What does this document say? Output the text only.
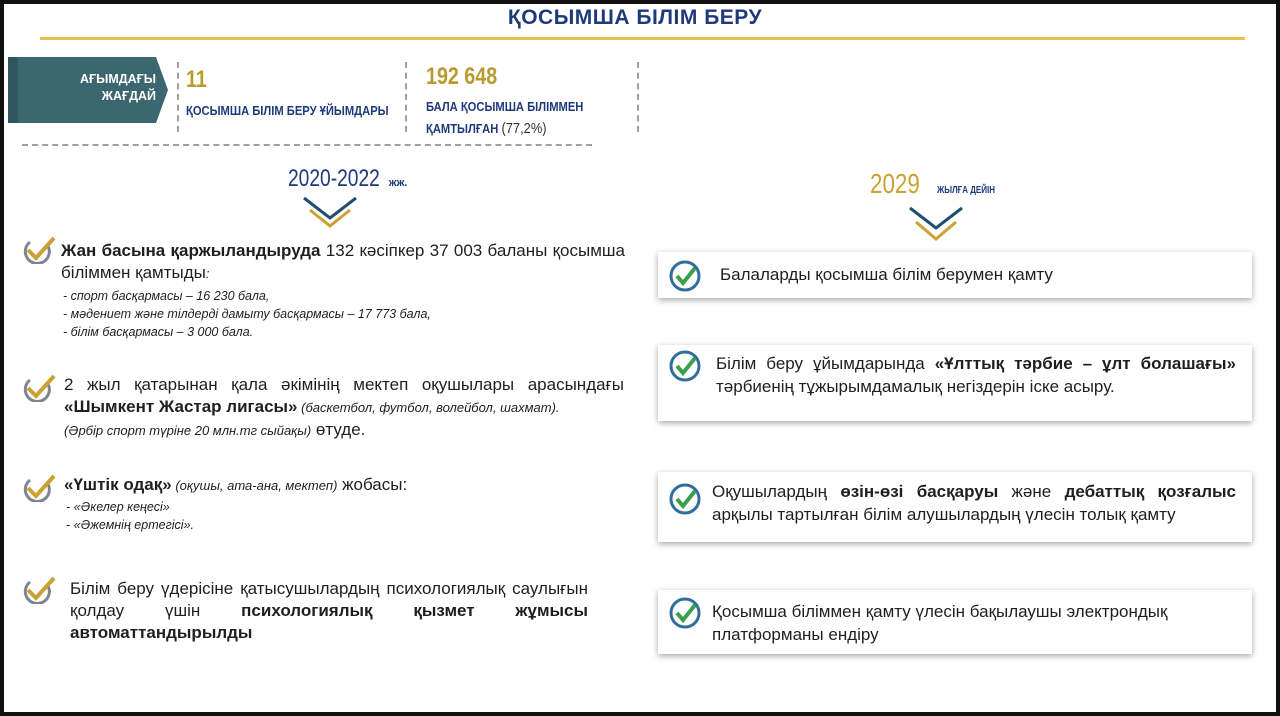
ҚОСЫМША БІЛІМ БЕРУ
АҒЫМДАҒЫ
ЖАҒДАЙ
11
ҚОСЫМША БІЛІМ БЕРУ ҰЙЫМДАРЫ
192 648
БАЛА ҚОСЫМША БІЛІММЕН
ҚАМТЫЛҒАН (77,2%)
2020-2022 жж.	2029 ЖЫЛҒА ДЕЙІН
Жан басына қаржыландыруда 132 кәсіпкер 37 003 баланы қосымша біліммен қамтыды:
- спорт басқармасы – 16 230 бала,
- мәдениет және тілдерді дамыту басқармасы – 17 773 бала,
- білім басқармасы – 3 000 бала.
2 жыл қатарынан қала әкімінің мектеп оқушылары арасындағы «Шымкент Жастар лигасы» (баскетбол, футбол, волейбол, шахмат).
(Әрбір спорт түріне 20 млн.тг сыйақы) өтуде.
«Үштік одақ» (оқушы, ата-ана, мектеп) жобасы:
- «Әкелер кеңесі»
- «Әжемнің ертегісі».
Білім беру үдерісіне қатысушылардың психологиялық саулығын қолдау үшін психологиялық қызмет жұмысы автоматтандырылды
Балаларды қосымша білім берумен қамту
Білім беру ұйымдарында «Ұлттық тәрбие – ұлт болашағы» тәрбиенің тұжырымдамалық негіздерін іске асыру.
Оқушылардың өзін-өзі басқаруы және дебаттық қозғалыс арқылы тартылған білім алушылардың үлесін толық қамту
Қосымша біліммен қамту үлесін бақылаушы электрондық платформаны ендіру
